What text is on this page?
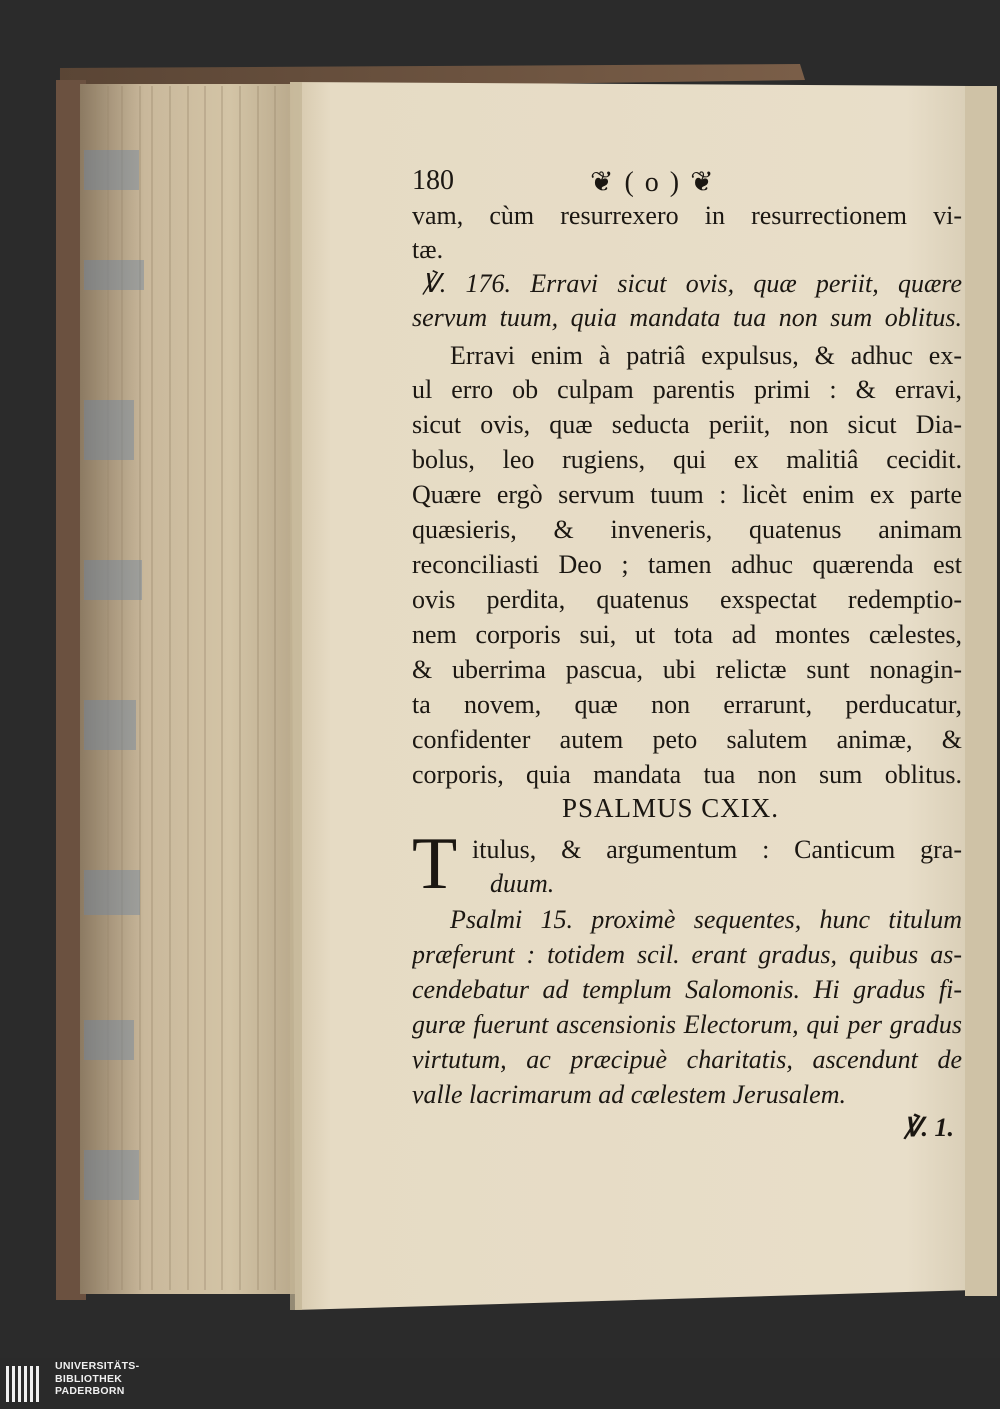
180	❦ ( o ) ❦
vam, cùm resurrexero in resurrectionem vi-
tæ.
℣. 176. Erravi sicut ovis, quæ periit, quære
servum tuum, quia mandata tua non sum oblitus.
Erravi enim à patriâ expulsus, & adhuc ex-
ul erro ob culpam parentis primi : & erravi,
sicut ovis, quæ seducta periit, non sicut Dia-
bolus, leo rugiens, qui ex malitiâ cecidit.
Quære ergò servum tuum : licèt enim ex parte
quæsieris, & inveneris, quatenus animam
reconciliasti Deo ; tamen adhuc quærenda est
ovis perdita, quatenus exspectat redemptio-
nem corporis sui, ut tota ad montes cælestes,
& uberrima pascua, ubi relictæ sunt nonagin-
ta novem, quæ non errarunt, perducatur,
confidenter autem peto salutem animæ, &
corporis, quia mandata tua non sum oblitus.
PSALMUS CXIX.
T itulus, & argumentum : Canticum gra-
duum.
Psalmi 15. proximè sequentes, hunc titulum
præferunt : totidem scil. erant gradus, quibus as-
cendebatur ad templum Salomonis. Hi gradus fi-
guræ fuerunt ascensionis Electorum, qui per gradus
virtutum, ac præcipuè charitatis, ascendunt de
valle lacrimarum ad cælestem Jerusalem.
℣. 1.
UNIVERSITÄTS-
BIBLIOTHEK
PADERBORN
